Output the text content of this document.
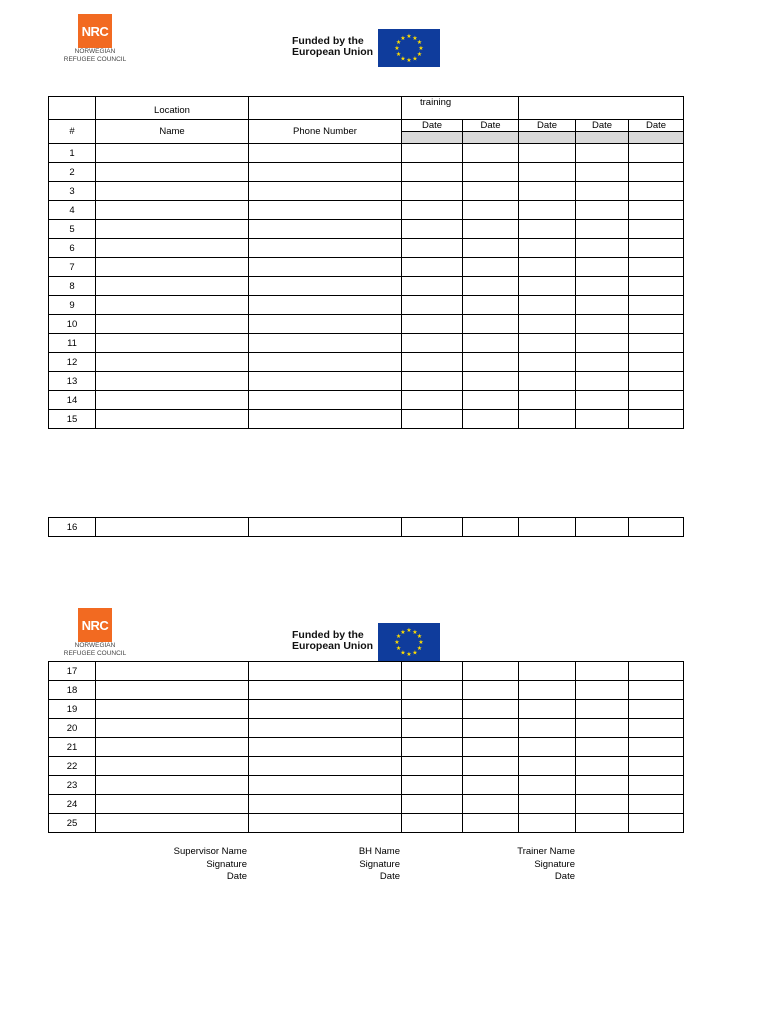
NRC
NORWEGIAN
REFUGEE COUNCIL
Funded by the
European Union
★ ★
★
★
★
★
★
★
★
★
★
★
	Location		training				
#	Name	Phone Number	Date	Date	Date	Date	Date

1							
2							
3							
4							
5							
6							
7							
8							
9							
10							
11							
12							
13							
14							
15							
16							
NRC
NORWEGIAN
REFUGEE COUNCIL
Funded by the
European Union
★ ★
★
★
★
★
★
★
★
★
★
★
17							
18							
19							
20							
21							
22							
23							
24							
25							
Supervisor Name
Signature
Date
BH Name
Signature
Date
Trainer Name
Signature
Date
